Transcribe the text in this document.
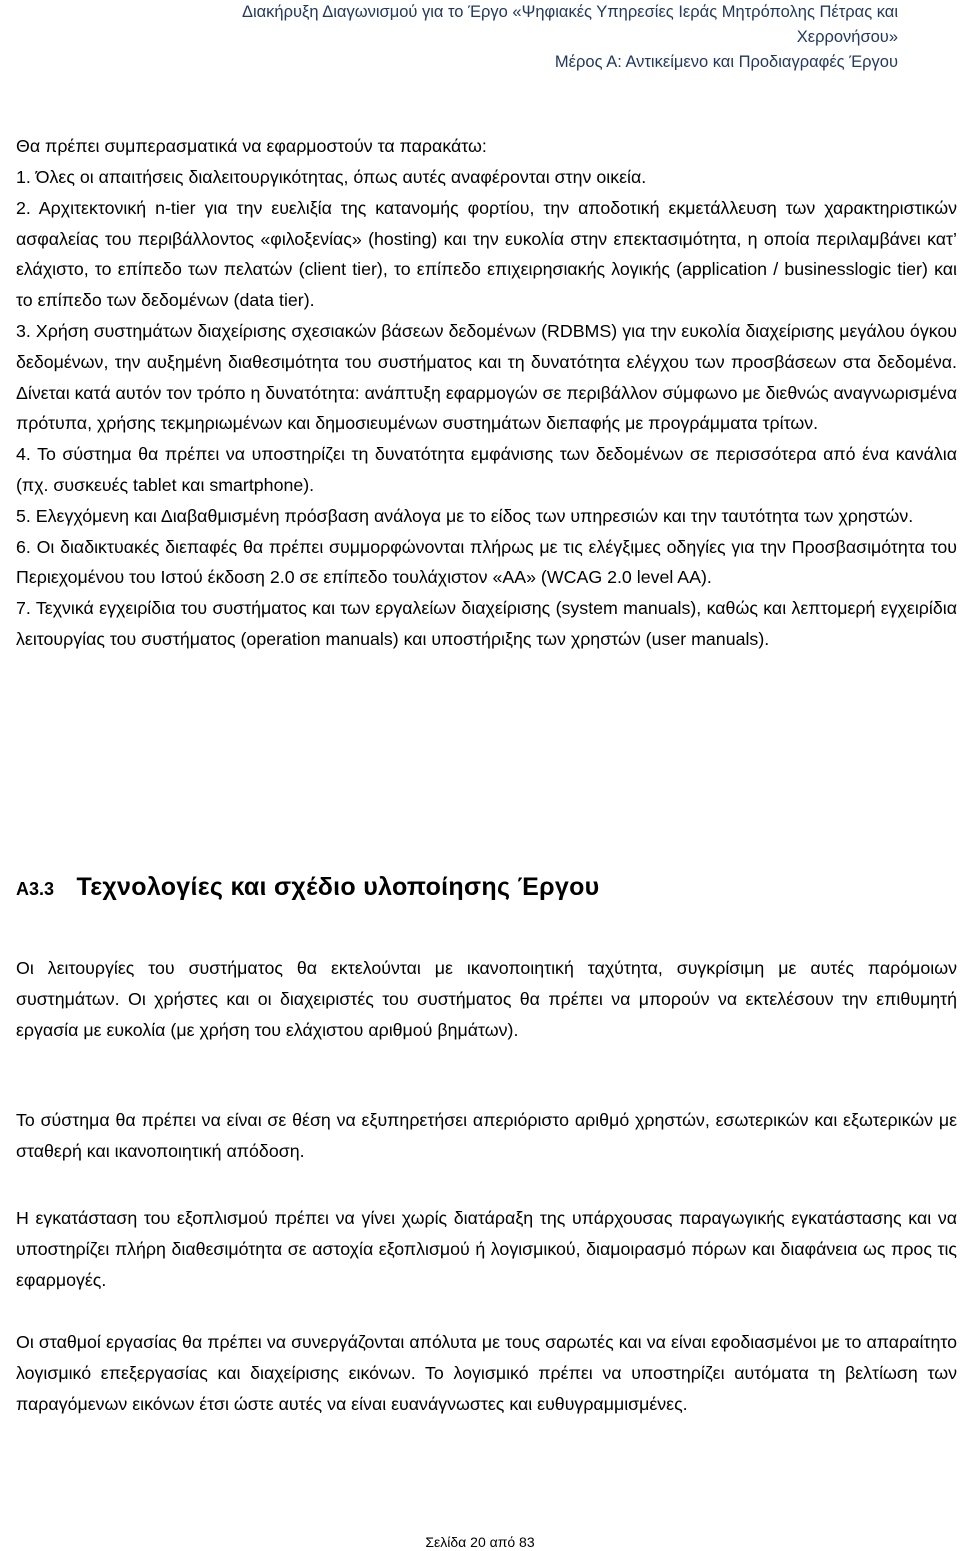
Διακήρυξη Διαγωνισμού για το Έργο «Ψηφιακές Υπηρεσίες Ιεράς Μητρόπολης Πέτρας και
Χερρονήσου»
Μέρος Α: Αντικείμενο και Προδιαγραφές Έργου
Θα πρέπει συμπερασματικά να εφαρμοστούν τα παρακάτω:
1. Όλες οι απαιτήσεις διαλειτουργικότητας, όπως αυτές αναφέρονται στην οικεία.
2. Αρχιτεκτονική n-tier για την ευελιξία της κατανομής φορτίου, την αποδοτική εκμετάλλευση των χαρακτηριστικών ασφαλείας του περιβάλλοντος «φιλοξενίας» (hosting) και την ευκολία στην επεκτασιμότητα, η οποία περιλαμβάνει κατ’ ελάχιστο, το επίπεδο των πελατών (client tier), το επίπεδο επιχειρησιακής λογικής (application / businesslogic tier) και το επίπεδο των δεδομένων (data tier).
3. Χρήση συστημάτων διαχείρισης σχεσιακών βάσεων δεδομένων (RDBMS) για την ευκολία διαχείρισης μεγάλου όγκου δεδομένων, την αυξημένη διαθεσιμότητα του συστήματος και τη δυνατότητα ελέγχου των προσβάσεων στα δεδομένα. Δίνεται κατά αυτόν τον τρόπο η δυνατότητα: ανάπτυξη εφαρμογών σε περιβάλλον σύμφωνο με διεθνώς αναγνωρισμένα πρότυπα, χρήσης τεκμηριωμένων και δημοσιευμένων συστημάτων διεπαφής με προγράμματα τρίτων.
4. Το σύστημα θα πρέπει να υποστηρίζει τη δυνατότητα εμφάνισης των δεδομένων σε περισσότερα από ένα κανάλια (πχ. συσκευές tablet και smartphone).
5. Ελεγχόμενη και Διαβαθμισμένη πρόσβαση ανάλογα με το είδος των υπηρεσιών και την ταυτότητα των χρηστών.
6. Οι διαδικτυακές διεπαφές θα πρέπει συμμορφώνονται πλήρως με τις ελέγξιμες οδηγίες για την Προσβασιμότητα του Περιεχομένου του Ιστού έκδοση 2.0 σε επίπεδο τουλάχιστον «ΑΑ» (WCAG 2.0 level AA).
7. Τεχνικά εγχειρίδια του συστήματος και των εργαλείων διαχείρισης (system manuals), καθώς και λεπτομερή εγχειρίδια λειτουργίας του συστήματος (operation manuals) και υποστήριξης των χρηστών (user manuals).
Α3.3 Τεχνολογίες και σχέδιο υλοποίησης Έργου
Οι λειτουργίες του συστήματος θα εκτελούνται με ικανοποιητική ταχύτητα, συγκρίσιμη με αυτές παρόμοιων συστημάτων. Οι χρήστες και οι διαχειριστές του συστήματος θα πρέπει να μπορούν να εκτελέσουν την επιθυμητή εργασία με ευκολία (με χρήση του ελάχιστου αριθμού βημάτων).
Το σύστημα θα πρέπει να είναι σε θέση να εξυπηρετήσει απεριόριστο αριθμό χρηστών, εσωτερικών και εξωτερικών με σταθερή και ικανοποιητική απόδοση.
Η εγκατάσταση του εξοπλισμού πρέπει να γίνει χωρίς διατάραξη της υπάρχουσας παραγωγικής εγκατάστασης και να υποστηρίζει πλήρη διαθεσιμότητα σε αστοχία εξοπλισμού ή λογισμικού, διαμοιρασμό πόρων και διαφάνεια ως προς τις εφαρμογές.
Οι σταθμοί εργασίας θα πρέπει να συνεργάζονται απόλυτα με τους σαρωτές και να είναι εφοδιασμένοι με το απαραίτητο λογισμικό επεξεργασίας και διαχείρισης εικόνων. Το λογισμικό πρέπει να υποστηρίζει αυτόματα τη βελτίωση των παραγόμενων εικόνων έτσι ώστε αυτές να είναι ευανάγνωστες και ευθυγραμμισμένες.
Σελίδα 20 από 83
